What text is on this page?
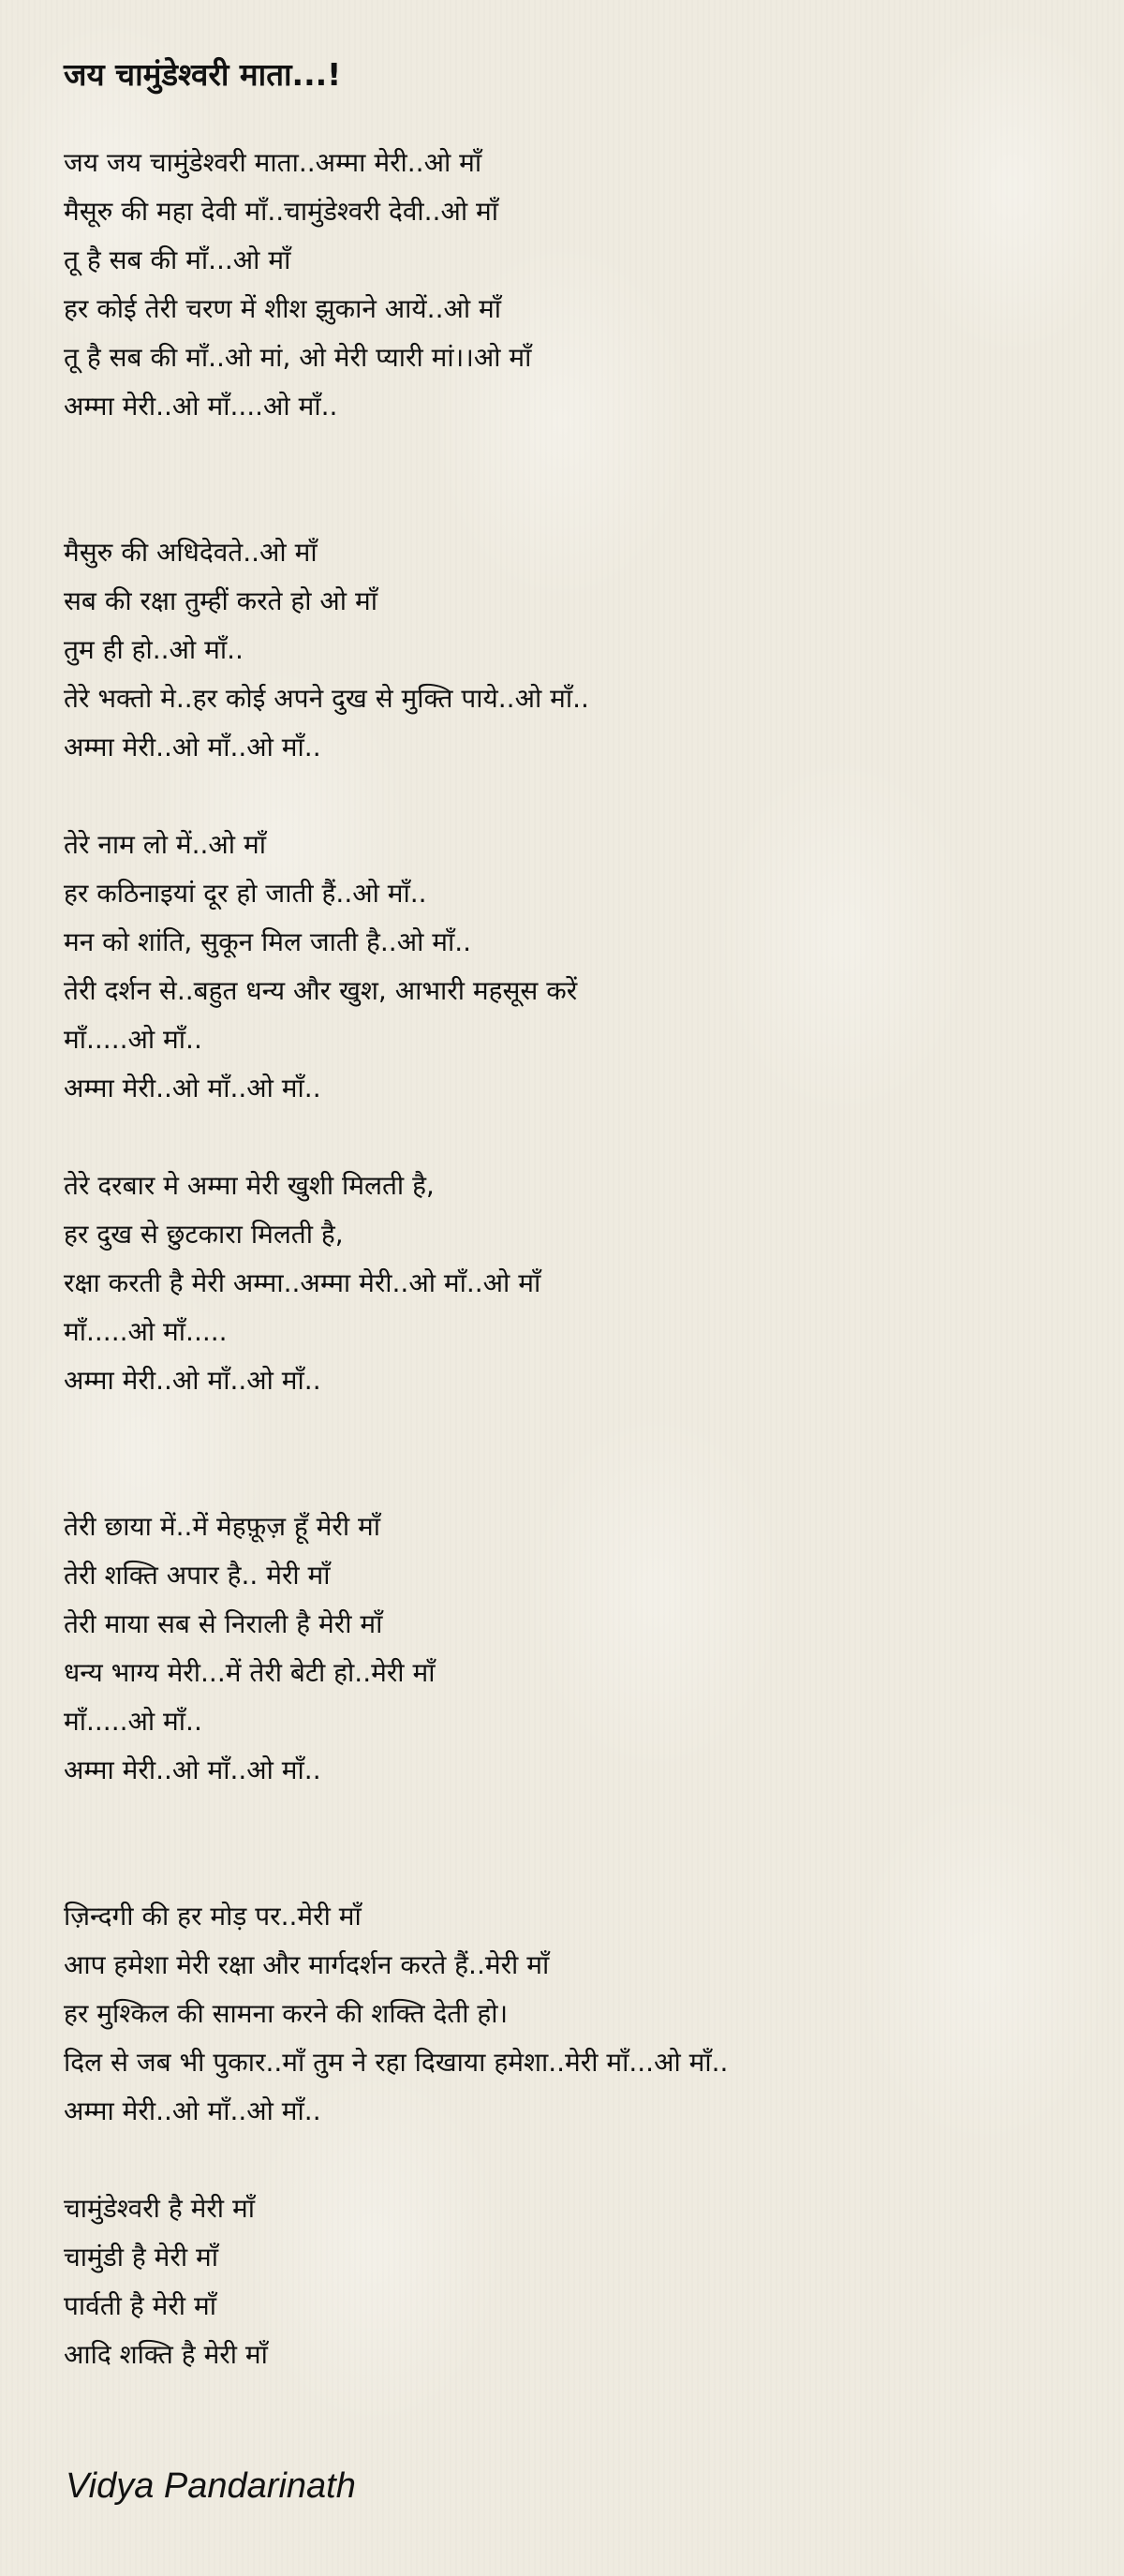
जय चामुंडेश्वरी माता...!
जय जय चामुंडेश्वरी माता..अम्मा मेरी..ओ माँ
मैसूरु की महा देवी माँ..चामुंडेश्वरी देवी..ओ माँ
तू है सब की माँ...ओ माँ
हर कोई तेरी चरण में शीश झुकाने आयें..ओ माँ
तू है सब की माँ..ओ मां, ओ मेरी प्यारी मां।।ओ माँ
अम्मा मेरी..ओ माँ....ओ माँ..
मैसुरु की अधिदेवते..ओ माँ
सब की रक्षा तुम्हीं करते हो ओ माँ
तुम ही हो..ओ माँ..
तेरे भक्तो मे..हर कोई अपने दुख से मुक्ति पाये..ओ माँ..
अम्मा मेरी..ओ माँ..ओ माँ..
तेरे नाम लो में..ओ माँ
हर कठिनाइयां दूर हो जाती हैं..ओ माँ..
मन को शांति, सुकून मिल जाती है..ओ माँ..
तेरी दर्शन से..बहुत धन्य और खुश, आभारी महसूस करें
माँ.....ओ माँ..
अम्मा मेरी..ओ माँ..ओ माँ..
तेरे दरबार मे अम्मा मेरी खुशी मिलती है,
हर दुख से छुटकारा मिलती है,
रक्षा करती है मेरी अम्मा..अम्मा मेरी..ओ माँ..ओ माँ
माँ.....ओ माँ.....
अम्मा मेरी..ओ माँ..ओ माँ..
तेरी छाया में..में मेहफ़ूज़ हूँ मेरी माँ
तेरी शक्ति अपार है.. मेरी माँ
तेरी माया सब से निराली है मेरी माँ
धन्य भाग्य मेरी...में तेरी बेटी हो..मेरी माँ
माँ.....ओ माँ..
अम्मा मेरी..ओ माँ..ओ माँ..
ज़िन्दगी की हर मोड़ पर..मेरी माँ
आप हमेशा मेरी रक्षा और मार्गदर्शन करते हैं..मेरी माँ
हर मुश्किल की सामना करने की शक्ति देती हो।
दिल से जब भी पुकार..माँ तुम ने रहा दिखाया हमेशा..मेरी माँ...ओ माँ..
अम्मा मेरी..ओ माँ..ओ माँ..
चामुंडेश्वरी है मेरी माँ
चामुंडी है मेरी माँ
पार्वती है मेरी माँ
आदि शक्ति है मेरी माँ
Vidya Pandarinath
